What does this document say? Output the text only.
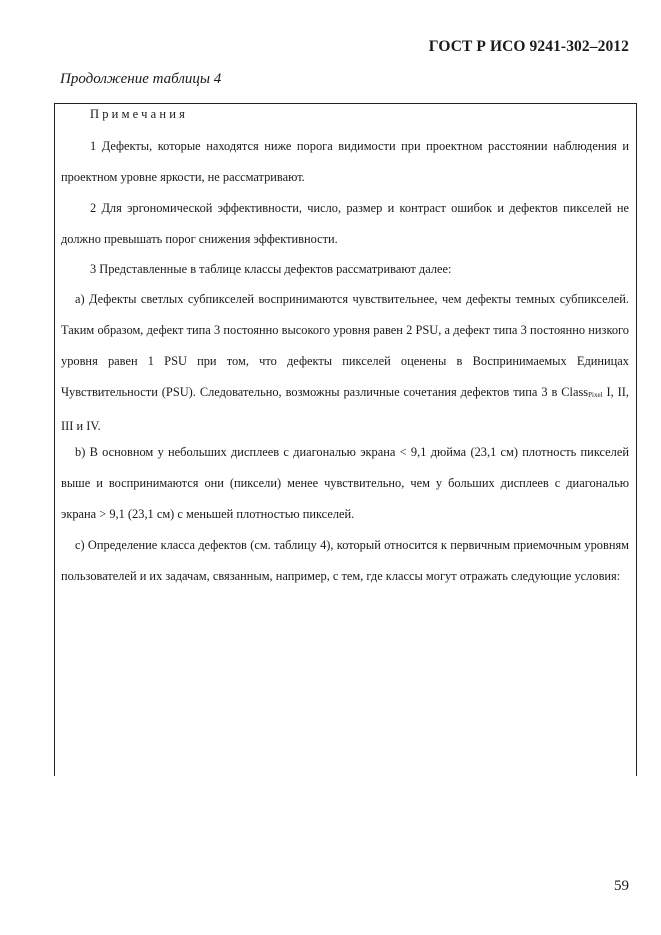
ГОСТ Р ИСО 9241-302–2012
Продолжение таблицы 4
Примечания
1 Дефекты, которые находятся ниже порога видимости при проектном расстоянии наблюдения и проектном уровне яркости, не рассматривают.
2 Для эргономической эффективности, число, размер и контраст ошибок и дефектов пикселей не должно превышать порог снижения эффективности.
3 Представленные в таблице классы дефектов рассматривают далее:
a) Дефекты светлых субпикселей воспринимаются чувствительнее, чем дефекты темных субпикселей. Таким образом, дефект типа 3 постоянно высокого уровня равен 2 PSU, а дефект типа 3 постоянно низкого уровня равен 1 PSU при том, что дефекты пикселей оценены в Воспринимаемых Единицах Чувствительности (PSU). Следовательно, возможны различные сочетания дефектов типа 3 в Class$_{Pixel}$ I, II, III и IV.
b) В основном у небольших дисплеев с диагональю экрана < 9,1 дюйма (23,1 см) плотность пикселей выше и воспринимаются они (пиксели) менее чувствительно, чем у больших дисплеев с диагональю экрана > 9,1 (23,1 см) с меньшей плотностью пикселей.
c) Определение класса дефектов (см. таблицу 4), который относится к первичным приемочным уровням пользователей и их задачам, связанным, например, с тем, где классы могут отражать следующие условия:
59
